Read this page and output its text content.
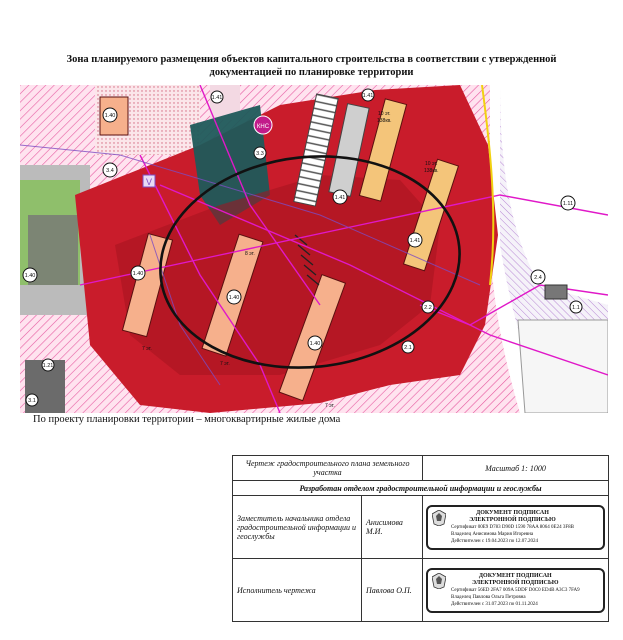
Зона планируемого размещения объектов капитального строительства в соответствии с утвержденной
документацией по планировке территории
КНС
V
1.40
1.40
1.40
1.40
1.40
1.41
1.41
1.41
1.41
3.3
3.4
2.2
2.1
1.11
2.4
1.21
3.1
1.1
10 эт.
138кв.
10 эт.
138кв.
8 эт.
7 эт.
7 эт.
7 эт.
По проекту планировки территории – многоквартирные жилые дома
Чертеж градостроительного плана земельного участка		Масштаб 1: 1000
Разработан отделом градостроительной информации и геослужбы		
Заместитель начальника отдела градостроительной информации и геослужбы	Анисимова М.И.	ДОКУМЕНТ ПОДПИСАН
ЭЛЕКТРОННОЙ ПОДПИСЬЮ
Сертификат 00E9 D783 D90D 1590 78AA 8064 0E24 3F8B
Владелец Анисимова Мария Игоревна
Действителен с 19.04.2023 по 12.07.2024

Исполнитель чертежа	Павлова О.П.	ДОКУМЕНТ ПОДПИСАН
ЭЛЕКТРОННОЙ ПОДПИСЬЮ
Сертификат 56ED 2FA7 009A 5DDF D0C0 ED4B A3C3 7FA9
Владелец Павлова Ольга Петровна
Действителен с 31.07.2023 по 01.11.2024
